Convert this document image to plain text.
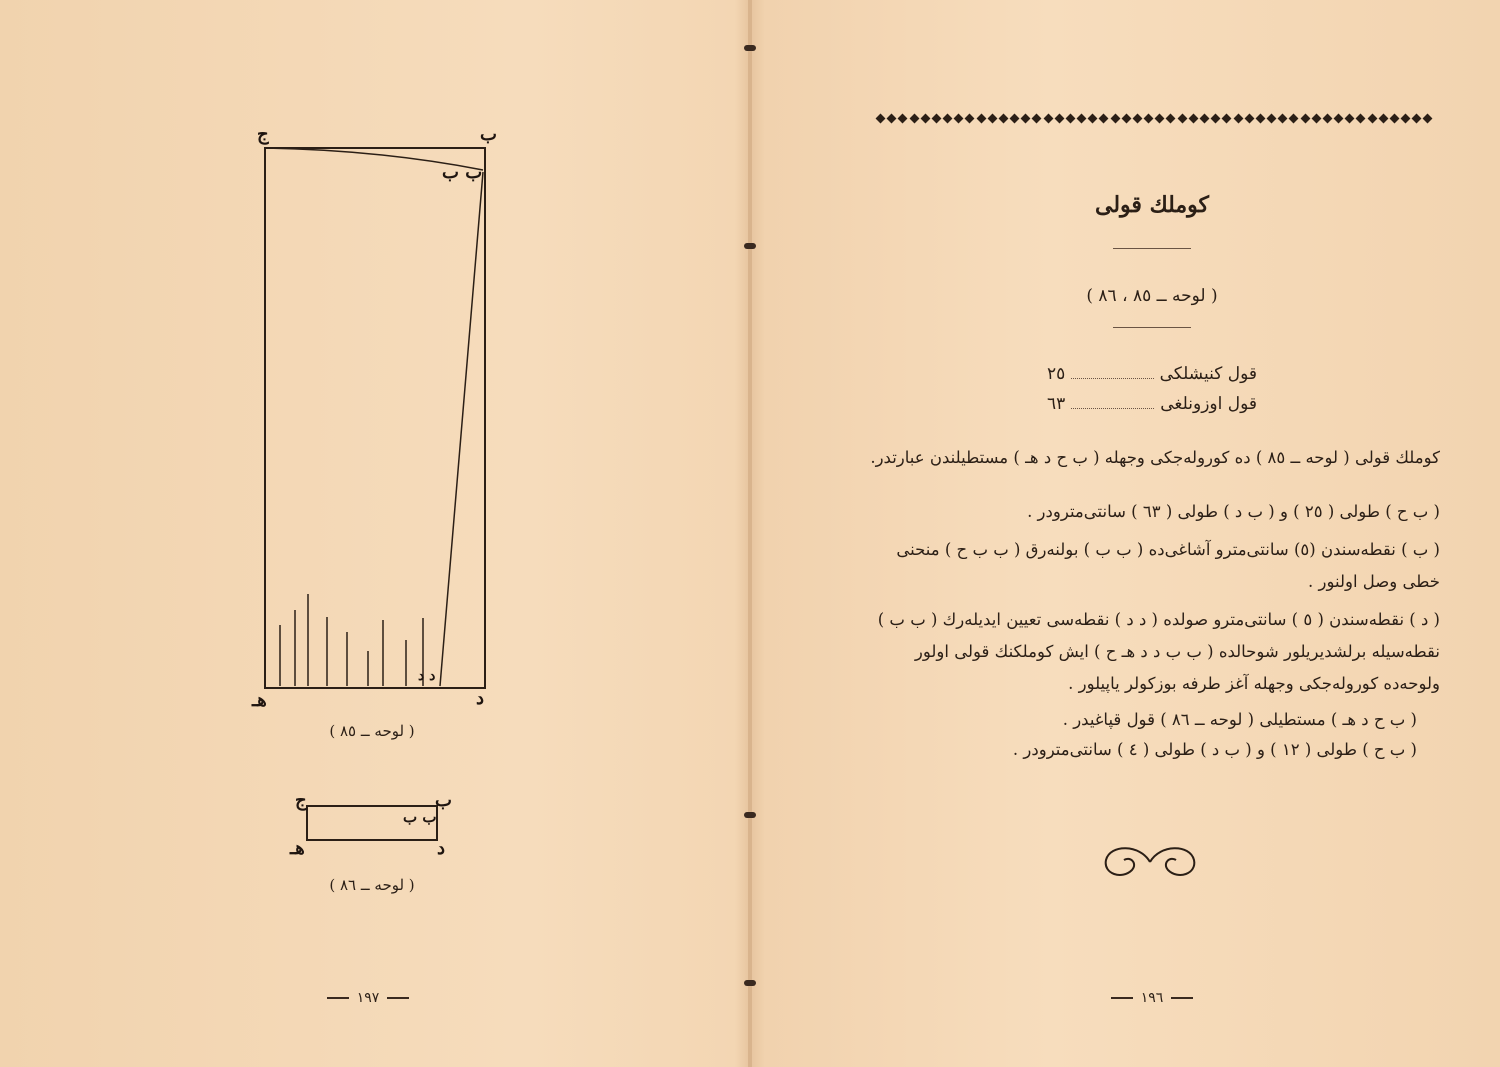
ج	ب
ب ب
هـ	د
د د
( لوحه ــ ٨٥ )
ج	ب
ب ب
هـ	د
( لوحه ــ ٨٦ )
١٩٧
كوملك قولى
( لوحه ــ ٨٥ ، ٨٦ )
قول كنيشلكى
٢٥
قول اوزونلغى
٦٣

كوملك قولى ( لوحه ــ ٨٥ ) ده كوروله‌جكى وجهله ( ب ح د هـ ) مستطيلندن عبارتدر.

( ب ح ) طولى ( ٢٥ ) و ( ب د ) طولى ( ٦٣ ) سانتى‌مترودر .

( ب ) نقطه‌سندن (٥) سانتى‌مترو آشاغى‌ده ( ب ب ) بولنه‌رق ( ب ب ح ) منحنى خطى وصل اولنور .

( د ) نقطه‌سندن ( ٥ ) سانتى‌مترو صولده ( د د ) نقطه‌سى تعيين ايديله‌رك ( ب ب ) نقطه‌سيله برلشديريلور شوحالده ( ب ب د د هـ ح ) ايش كوملكنك قولى اولور ولوحه‌ده كوروله‌جكى وجهله آغز طرفه بوزكولر ياپيلور .

( ب ح د هـ ) مستطيلى ( لوحه ــ ٨٦ ) قول قپاغيدر .

( ب ح ) طولى ( ١٢ ) و ( ب د ) طولى ( ٤ ) سانتى‌مترودر .

١٩٦
